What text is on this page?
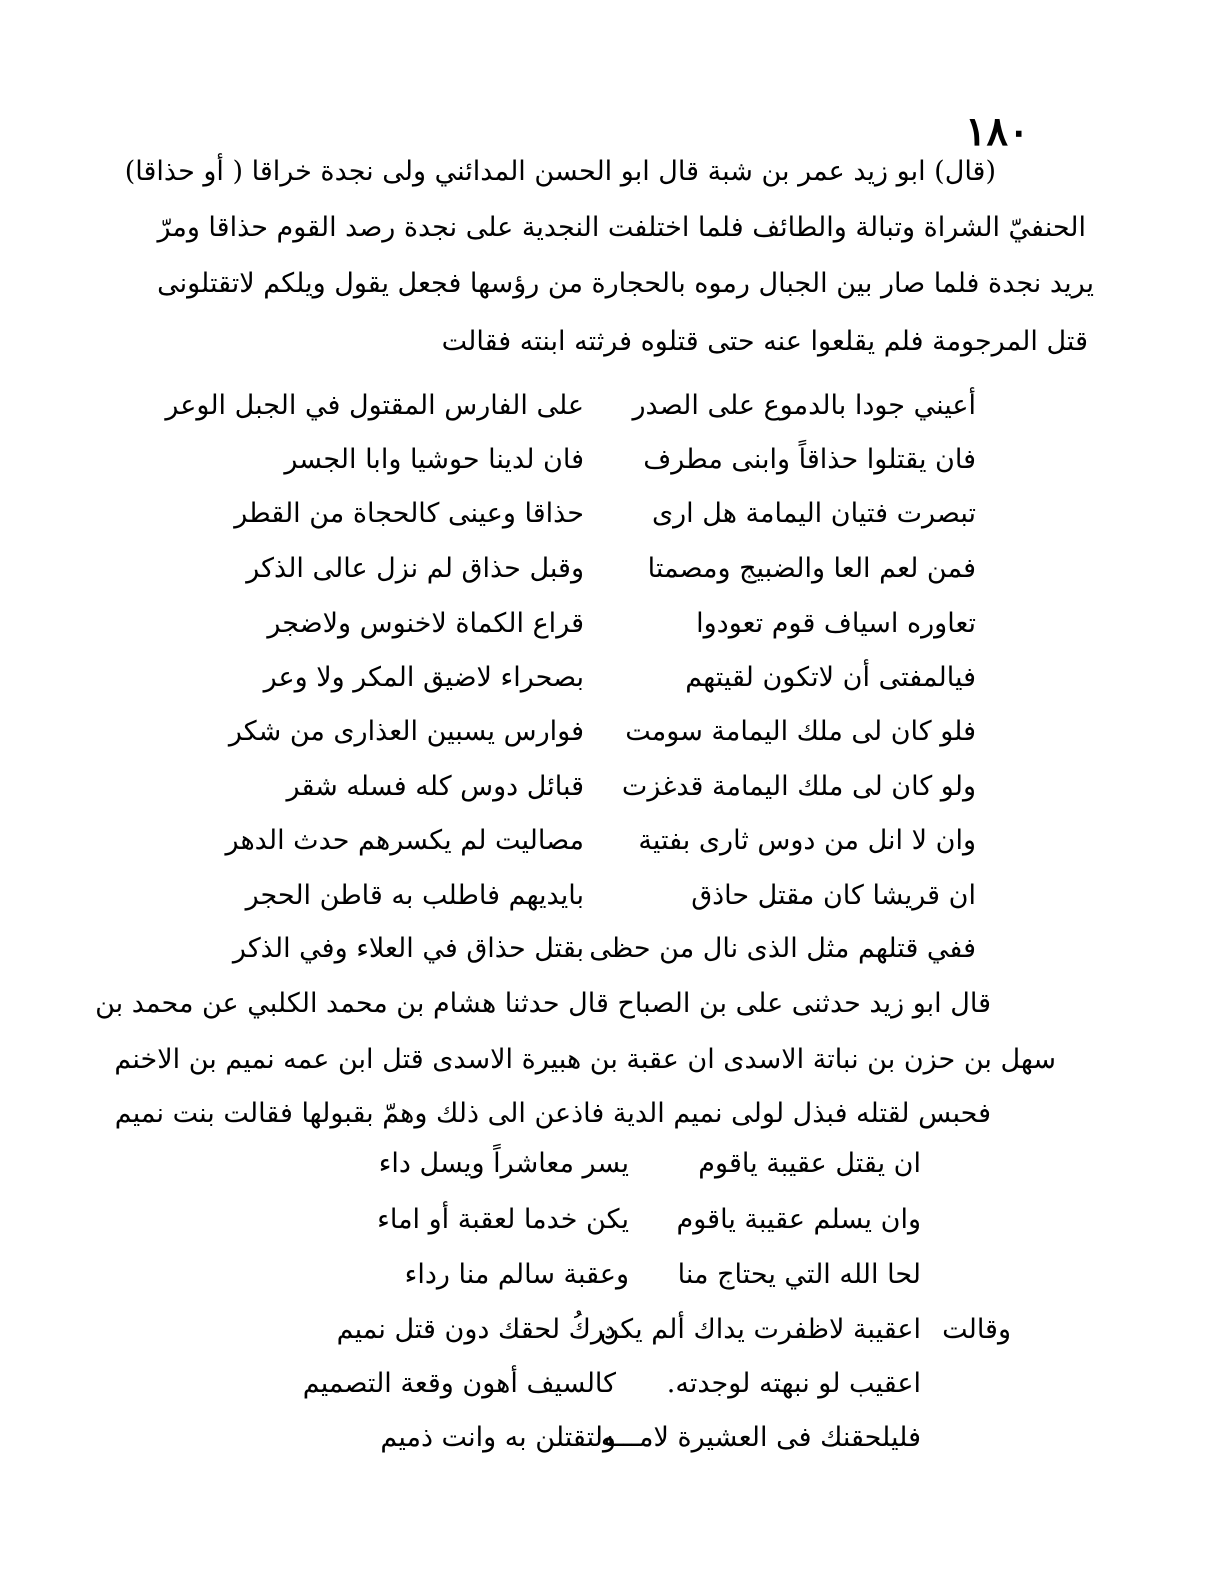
١٨٠
(قال) ابو زيد عمر بن شبة قال ابو الحسن المدائني ولى نجدة خراقا ( أو حذاقا)
الحنفيّ الشراة وتبالة والطائف فلما اختلفت النجدية على نجدة رصد القوم حذاقا ومرّ
يريد نجدة فلما صار بين الجبال رموه بالحجارة من رؤسها فجعل يقول ويلكم لاتقتلونى
قتل المرجومة فلم يقلعوا عنه حتى قتلوه فرثته ابنته فقالت
أعيني جودا بالدموع على الصدر
على الفارس المقتول في الجبل الوعر
فان يقتلوا حذاقاً وابنى مطرف
فان لدينا حوشيا وابا الجسر
تبصرت فتيان اليمامة هل ارى
حذاقا وعينى كالحجاة من القطر
فمن لعم العا والضبيج ومصمتا
وقبل حذاق لم نزل عالى الذكر
تعاوره اسياف قوم تعودوا
قراع الكماة لاخنوس ولاضجر
فيالمفتى أن لاتكون لقيتهم
بصحراء لاضيق المكر ولا وعر
فلو كان لى ملك اليمامة سومت
فوارس يسبين العذارى من شكر
ولو كان لى ملك اليمامة قدغزت
قبائل دوس كله فسله شقر
وان لا انل من دوس ثارى بفتية
مصاليت لم يكسرهم حدث الدهر
ان قريشا كان مقتل حاذق
بايديهم فاطلب به قاطن الحجر
ففي قتلهم مثل الذى نال من حظى
بقتل حذاق في العلاء وفي الذكر
قال ابو زيد حدثنى على بن الصباح قال حدثنا هشام بن محمد الكلبي عن محمد بن
سهل بن حزن بن نباتة الاسدى ان عقبة بن هبيرة الاسدى قتل ابن عمه نميم بن الاخنم
فحبس لقتله فبذل لولى نميم الدية فاذعن الى ذلك وهمّ بقبولها فقالت بنت نميم
ان يقتل عقيبة ياقوم
يسر معاشراً ويسل داء
وان يسلم عقيبة ياقوم
يكن خدما لعقبة أو اماء
لحا الله التي يحتاج منا
وعقبة سالم منا رداء
وقالت
اعقيبة لاظفرت يداك ألم يكن
دركُ لحقك دون قتل نميم
اعقيب لو نبهته لوجدته.
كالسيف أهون وقعة التصميم
فليلحقنك فى العشيرة لامـــه
ولتقتلن به وانت ذميم
